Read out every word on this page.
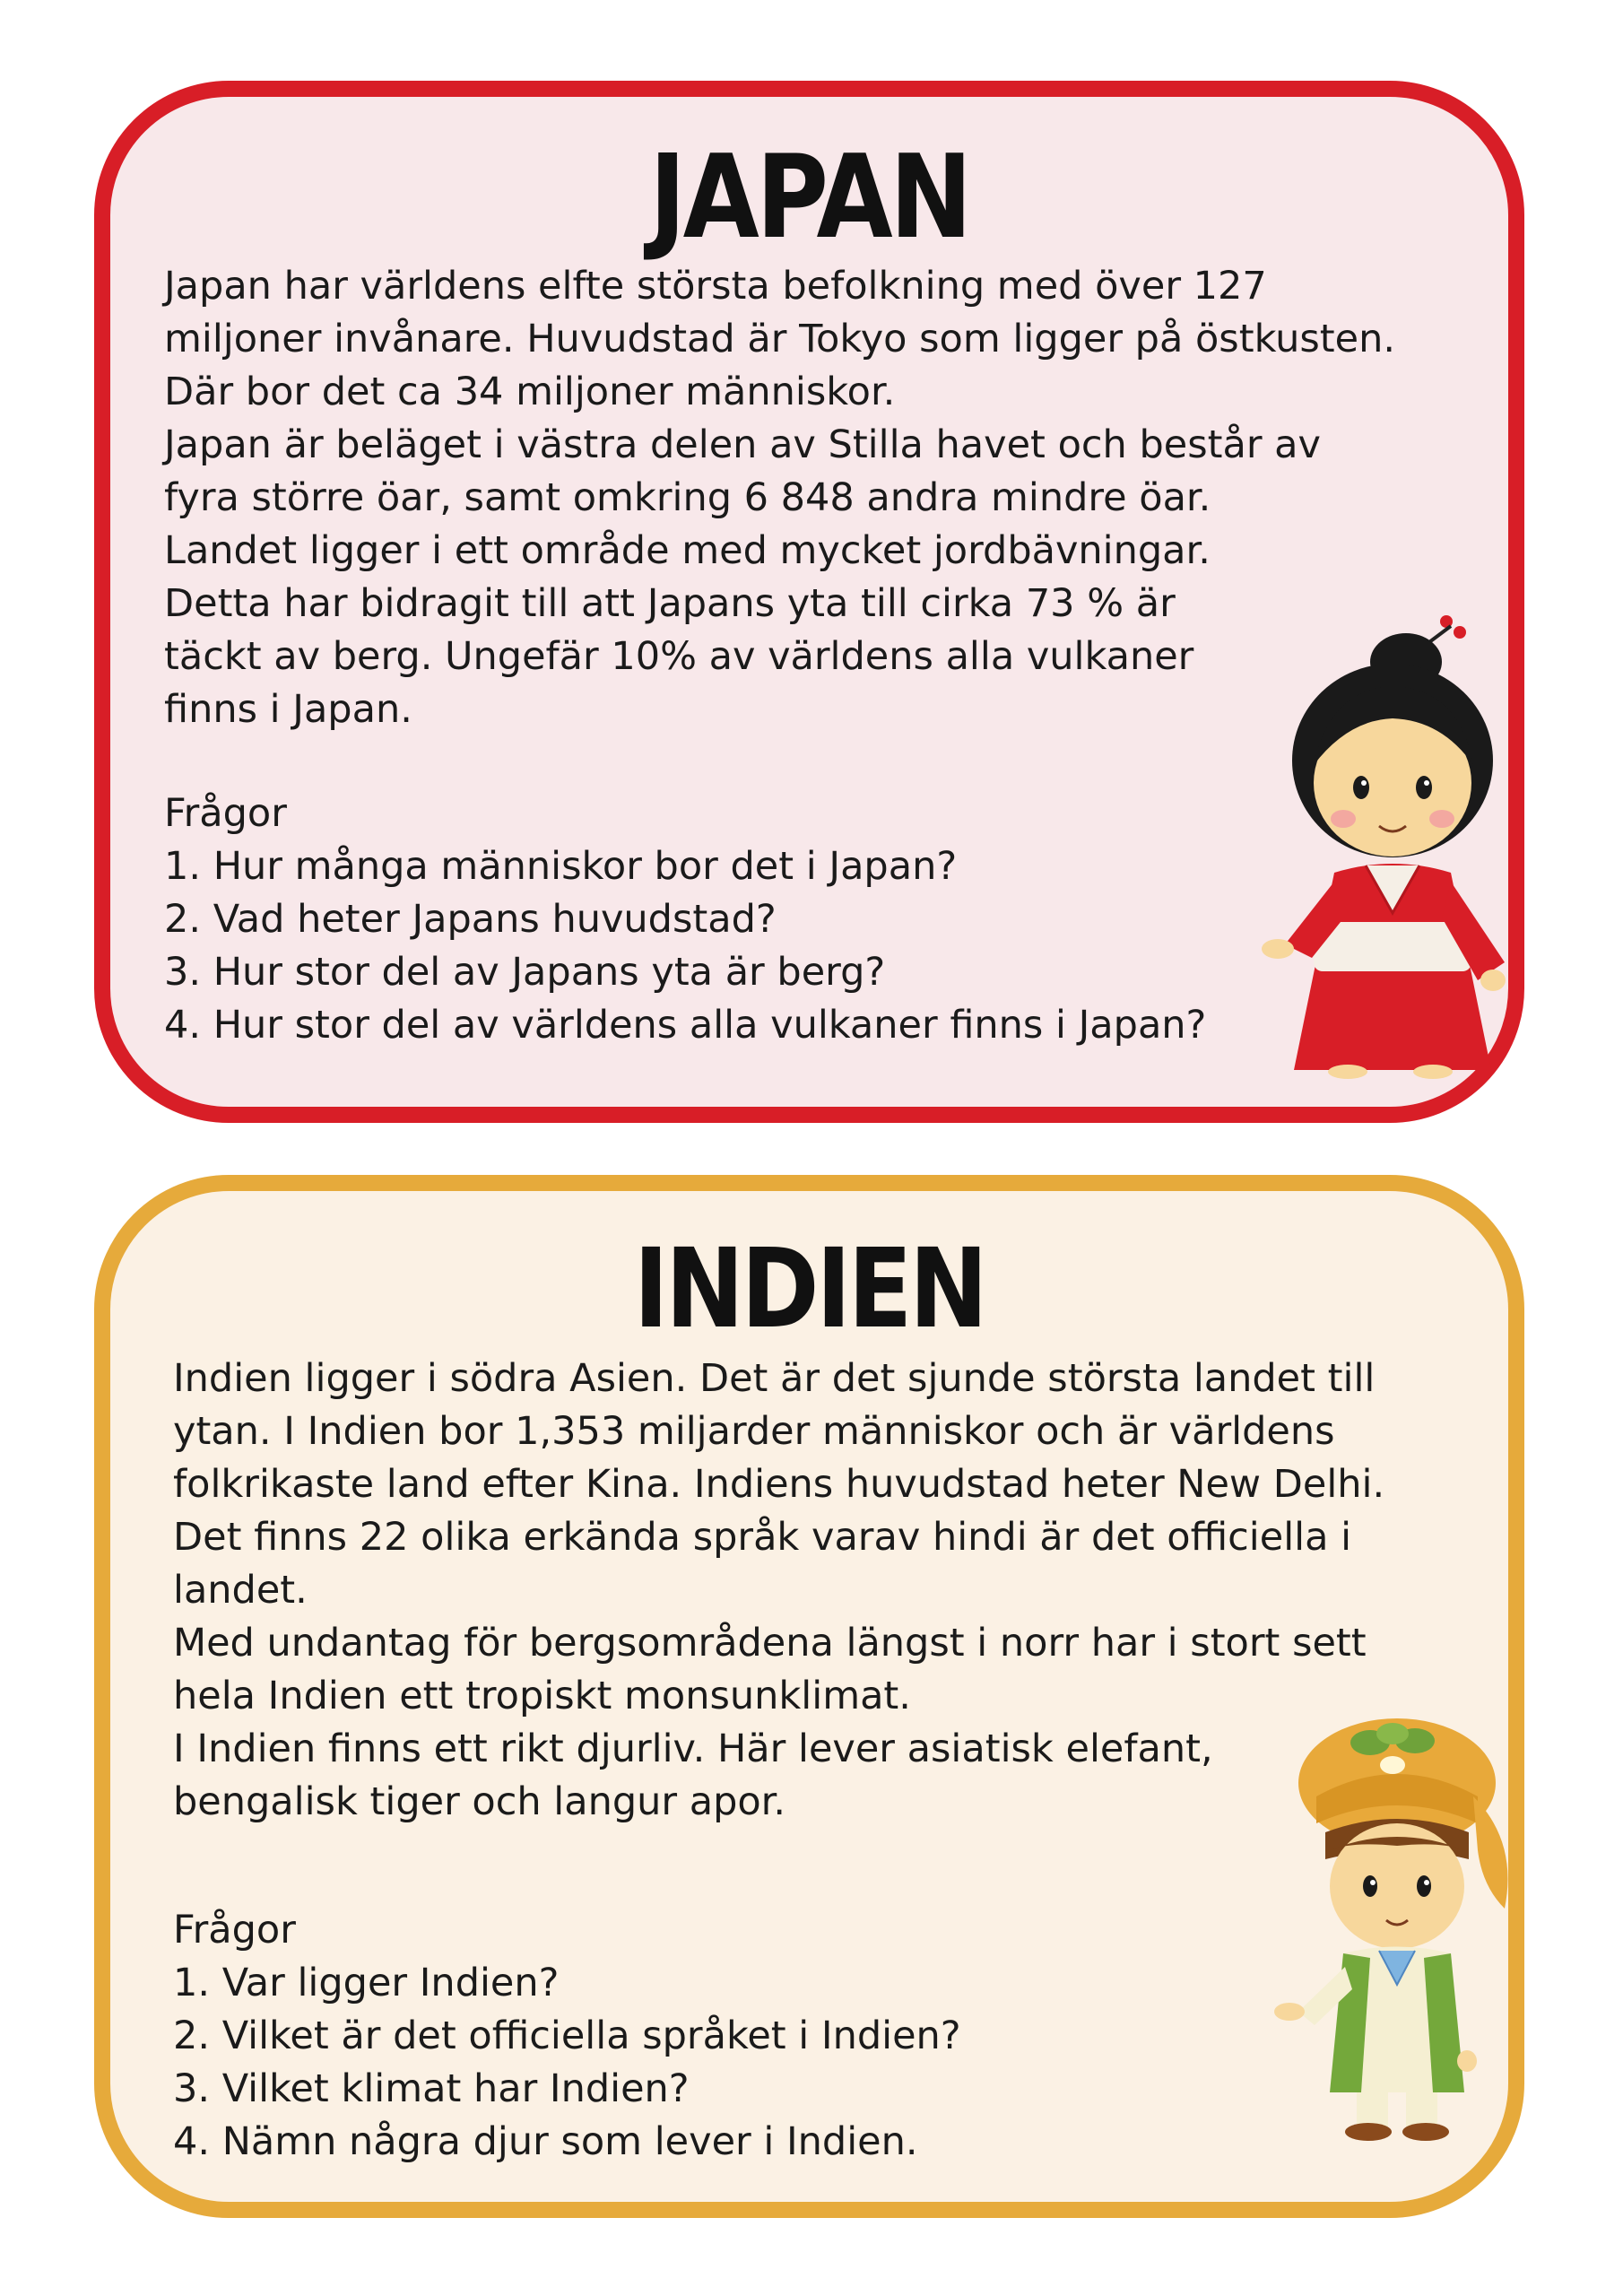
JAPAN

Japan har världens elfte största befolkning med över 127
miljoner invånare. Huvudstad är Tokyo som ligger på östkusten.
Där bor det ca 34 miljoner människor.
Japan är beläget i västra delen av Stilla havet och består av
fyra större öar, samt omkring 6 848 andra mindre öar.
Landet ligger i ett område med mycket jordbävningar.
Detta har bidragit till att Japans yta till cirka 73 % är
täckt av berg. Ungefär 10% av världens alla vulkaner
finns i Japan.

Frågor
1. Hur många människor bor det i Japan?
2. Vad heter Japans huvudstad?
3. Hur stor del av Japans yta är berg?
4. Hur stor del av världens alla vulkaner finns i Japan?
INDIEN

Indien ligger i södra Asien. Det är det sjunde största landet till
ytan. I Indien bor 1,353 miljarder människor och är världens
folkrikaste land efter Kina. Indiens huvudstad heter New Delhi.
Det finns 22 olika erkända språk varav hindi är det officiella i
landet.
Med undantag för bergsområdena längst i norr har i stort sett
hela Indien ett tropiskt monsunklimat.
I Indien finns ett rikt djurliv. Här lever asiatisk elefant,
bengalisk tiger och langur apor.

Frågor
1. Var ligger Indien?
2. Vilket är det officiella språket i Indien?
3. Vilket klimat har Indien?
4. Nämn några djur som lever i Indien.
